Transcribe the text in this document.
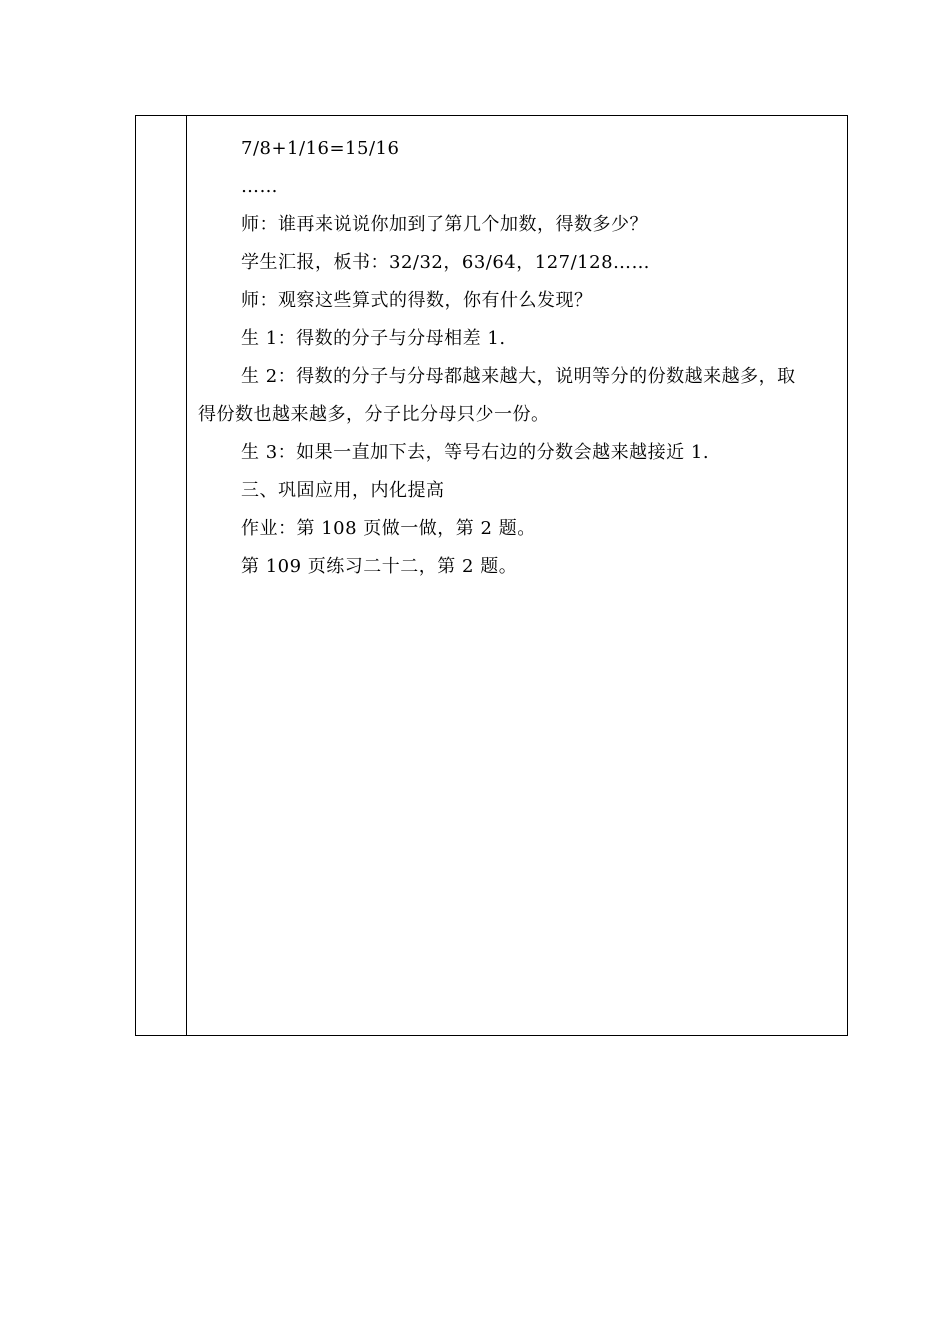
7/8+1/16=15/16
……
师：谁再来说说你加到了第几个加数，得数多少？
学生汇报，板书：32/32，63/64，127/128……
师：观察这些算式的得数，你有什么发现？
生 1：得数的分子与分母相差 1.
生 2：得数的分子与分母都越来越大，说明等分的份数越来越多，取
得份数也越来越多，分子比分母只少一份。
生 3：如果一直加下去，等号右边的分数会越来越接近 1.
三、巩固应用，内化提高
作业：第 108 页做一做，第 2 题。
第 109 页练习二十二，第 2 题。
